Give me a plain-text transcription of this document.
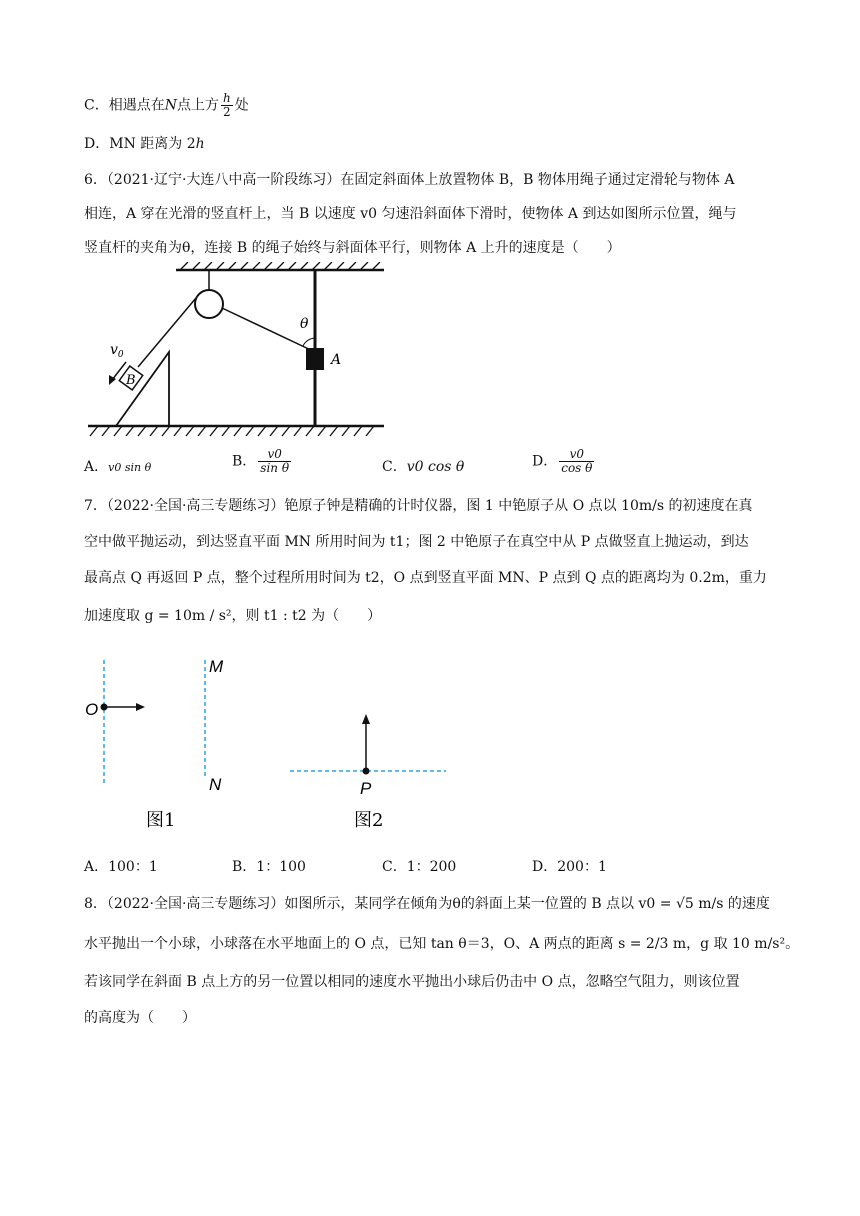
C．相遇点在N点上方 $\frac{h}{2}$ 处
D．MN 距离为 2h
6．（2021·辽宁·大连八中高一阶段练习）在固定斜面体上放置物体 B，B 物体用绳子通过定滑轮与物体 A
相连，A 穿在光滑的竖直杆上，当 B 以速度 v0 匀速沿斜面体下滑时，使物体 A 到达如图所示位置，绳与
竖直杆的夹角为θ，连接 B 的绳子始终与斜面体平行，则物体 A 上升的速度是（　　）
B
$v_0$	A
θ
A．v0 sin θ	B． $\frac{v0}{\text{sin θ}}$	C．v0 cos θ	D． $\frac{v0}{\text{cos θ}}$
7．（2022·全国·高三专题练习）铯原子钟是精确的计时仪器，图 1 中铯原子从 O 点以 10m/s 的初速度在真
空中做平抛运动，到达竖直平面 MN 所用时间为 t1；图 2 中铯原子在真空中从 P 点做竖直上抛运动，到达
最高点 Q 再返回 P 点，整个过程所用时间为 t2，O 点到竖直平面 MN、P 点到 Q 点的距离均为 0.2m，重力
加速度取 g = 10m / s²，则 t1 : t2 为（　　）
O
M
N
图1
P
图2
A．100：1	B．1：100	C．1：200	D．200：1
8．（2022·全国·高三专题练习）如图所示，某同学在倾角为θ的斜面上某一位置的 B 点以 v0 = √5 m/s 的速度
水平抛出一个小球，小球落在水平地面上的 O 点，已知 tan θ＝3，O、A 两点的距离 s = 2/3 m，g 取 10 m/s²。
若该同学在斜面 B 点上方的另一位置以相同的速度水平抛出小球后仍击中 O 点，忽略空气阻力，则该位置
的高度为（　　）
